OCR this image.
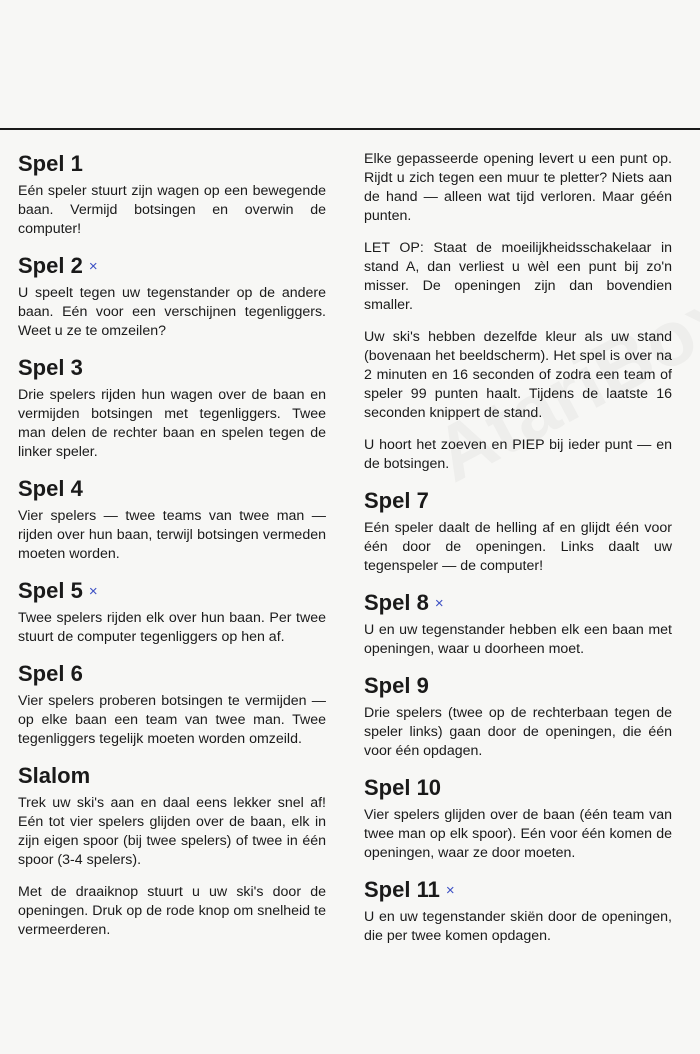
Spel 1

Eén speler stuurt zijn wagen op een bewegende baan. Vermijd botsingen en overwin de computer!

Spel 2 ×

U speelt tegen uw tegenstander op de andere baan. Eén voor een verschijnen tegenliggers. Weet u ze te omzeilen?

Spel 3

Drie spelers rijden hun wagen over de baan en vermijden botsingen met tegenliggers. Twee man delen de rechter baan en spelen tegen de linker speler.

Spel 4

Vier spelers — twee teams van twee man — rijden over hun baan, terwijl botsingen vermeden moeten worden.

Spel 5 ×

Twee spelers rijden elk over hun baan. Per twee stuurt de computer tegenliggers op hen af.

Spel 6

Vier spelers proberen botsingen te vermijden — op elke baan een team van twee man. Twee tegenliggers tegelijk moeten worden omzeild.

Slalom

Trek uw ski's aan en daal eens lekker snel af! Eén tot vier spelers glijden over de baan, elk in zijn eigen spoor (bij twee spelers) of twee in één spoor (3-4 spelers).

Met de draaiknop stuurt u uw ski's door de openingen. Druk op de rode knop om snelheid te vermeerderen.

Elke gepasseerde opening levert u een punt op. Rijdt u zich tegen een muur te pletter? Niets aan de hand — alleen wat tijd verloren. Maar géén punten.

LET OP: Staat de moeilijkheidsschakelaar in stand A, dan verliest u wèl een punt bij zo'n misser. De openingen zijn dan bovendien smaller.

Uw ski's hebben dezelfde kleur als uw stand (bovenaan het beeldscherm). Het spel is over na 2 minuten en 16 seconden of zodra een team of speler 99 punten haalt. Tijdens de laatste 16 seconden knippert de stand.

U hoort het zoeven en PIEP bij ieder punt — en de botsingen.

Spel 7

Eén speler daalt de helling af en glijdt één voor één door de openingen. Links daalt uw tegenspeler — de computer!

Spel 8 ×

U en uw tegenstander hebben elk een baan met openingen, waar u doorheen moet.

Spel 9

Drie spelers (twee op de rechterbaan tegen de speler links) gaan door de openingen, die één voor één opdagen.

Spel 10

Vier spelers glijden over de baan (één team van twee man op elk spoor). Eén voor één komen de openingen, waar ze door moeten.

Spel 11 ×

U en uw tegenstander skiën door de openingen, die per twee komen opdagen.
